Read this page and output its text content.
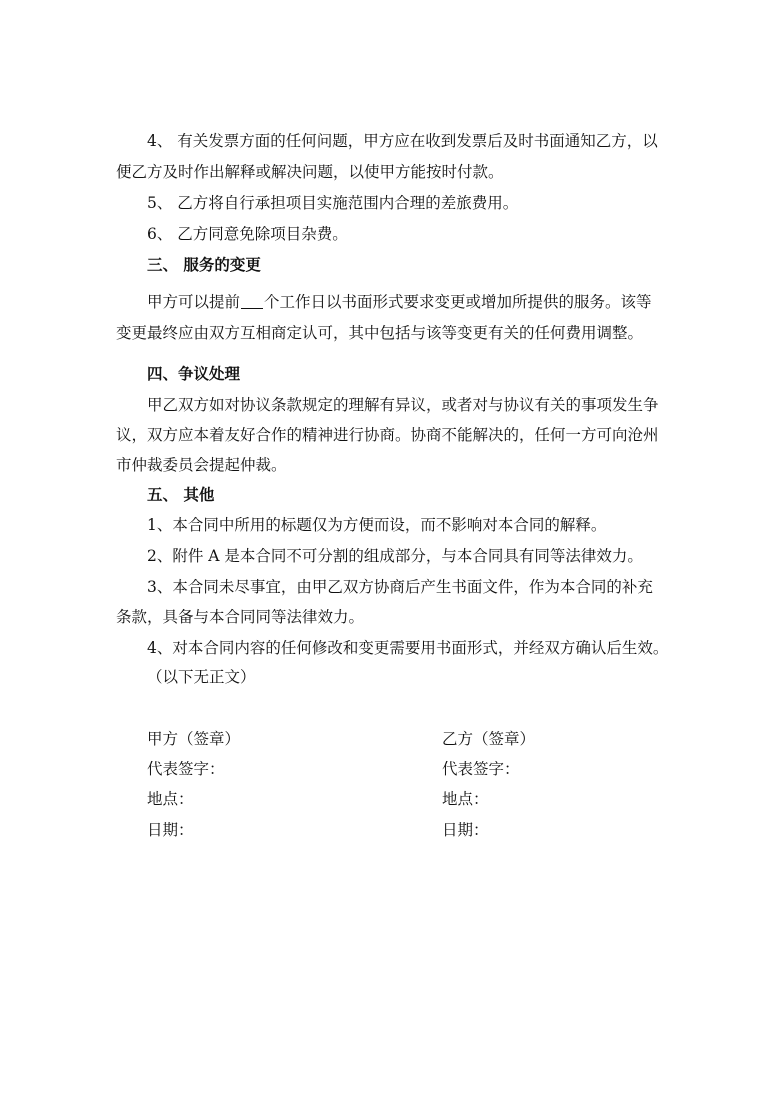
4、 有关发票方面的任何问题，甲方应在收到发票后及时书面通知乙方，以
便乙方及时作出解释或解决问题，以使甲方能按时付款。
5、 乙方将自行承担项目实施范围内合理的差旅费用。
6、 乙方同意免除项目杂费。
三、 服务的变更
甲方可以提前 个工作日以书面形式要求变更或增加所提供的服务。该等
变更最终应由双方互相商定认可，其中包括与该等变更有关的任何费用调整。
四、争议处理
甲乙双方如对协议条款规定的理解有异议，或者对与协议有关的事项发生争
议，双方应本着友好合作的精神进行协商。协商不能解决的，任何一方可向沧州
市仲裁委员会提起仲裁。
五、 其他
1、本合同中所用的标题仅为方便而设，而不影响对本合同的解释。
2、附件 A 是本合同不可分割的组成部分，与本合同具有同等法律效力。
3、本合同未尽事宜，由甲乙双方协商后产生书面文件，作为本合同的补充
条款，具备与本合同同等法律效力。
4、对本合同内容的任何修改和变更需要用书面形式，并经双方确认后生效。
（以下无正文）
甲方（签章）
代表签字：
地点：
日期：
乙方（签章）
代表签字：
地点：
日期：
